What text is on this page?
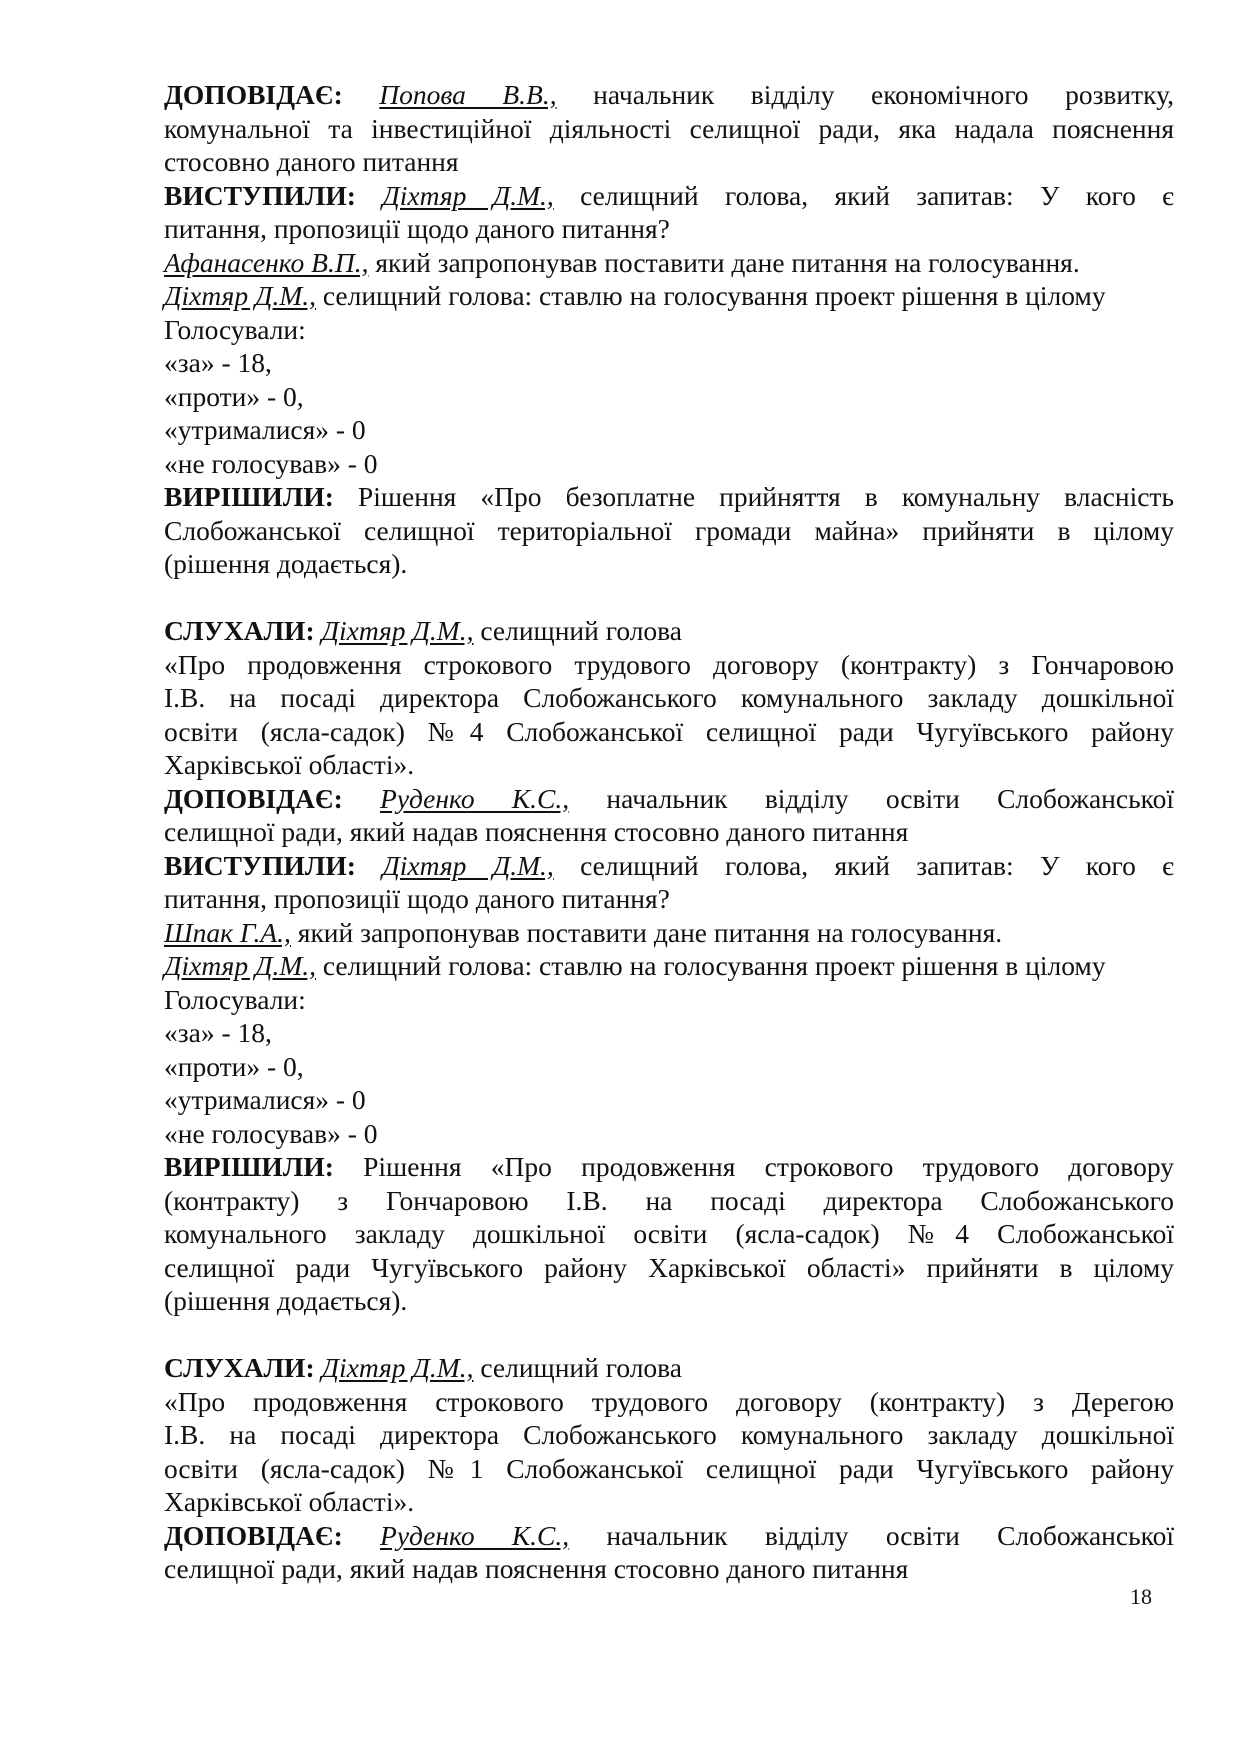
ДОПОВІДАЄ: Попова В.В., начальник відділу економічного розвитку,
комунальної та інвестиційної діяльності селищної ради, яка надала пояснення
стосовно даного питання
ВИСТУПИЛИ: Діхтяр Д.М., селищний голова, який запитав: У кого є
питання, пропозиції щодо даного питання?
Афанасенко В.П., який запропонував поставити дане питання на голосування.
Діхтяр Д.М., селищний голова: ставлю на голосування проект рішення в цілому
Голосували:
«за» - 18,
«проти» - 0,
«утрималися» - 0
«не голосував» - 0
ВИРІШИЛИ: Рішення «Про безоплатне прийняття в комунальну власність
Слобожанської селищної територіальної громади майна» прийняти в цілому
(рішення додається).
СЛУХАЛИ: Діхтяр Д.М., селищний голова
«Про продовження строкового трудового договору (контракту) з Гончаровою
І.В. на посаді директора Слобожанського комунального закладу дошкільної
освіти (ясла-садок) №4 Слобожанської селищної ради Чугуївського району
Харківської області».
ДОПОВІДАЄ: Руденко К.С., начальник відділу освіти Слобожанської
селищної ради, який надав пояснення стосовно даного питання
ВИСТУПИЛИ: Діхтяр Д.М., селищний голова, який запитав: У кого є
питання, пропозиції щодо даного питання?
Шпак Г.А., який запропонував поставити дане питання на голосування.
Діхтяр Д.М., селищний голова: ставлю на голосування проект рішення в цілому
Голосували:
«за» - 18,
«проти» - 0,
«утрималися» - 0
«не голосував» - 0
ВИРІШИЛИ: Рішення «Про продовження строкового трудового договору
(контракту) з Гончаровою І.В. на посаді директора Слобожанського
комунального закладу дошкільної освіти (ясла-садок) №4 Слобожанської
селищної ради Чугуївського району Харківської області» прийняти в цілому
(рішення додається).
СЛУХАЛИ: Діхтяр Д.М., селищний голова
«Про продовження строкового трудового договору (контракту) з Дерегою
І.В. на посаді директора Слобожанського комунального закладу дошкільної
освіти (ясла-садок) №1 Слобожанської селищної ради Чугуївського району
Харківської області».
ДОПОВІДАЄ: Руденко К.С., начальник відділу освіти Слобожанської
селищної ради, який надав пояснення стосовно даного питання
18
